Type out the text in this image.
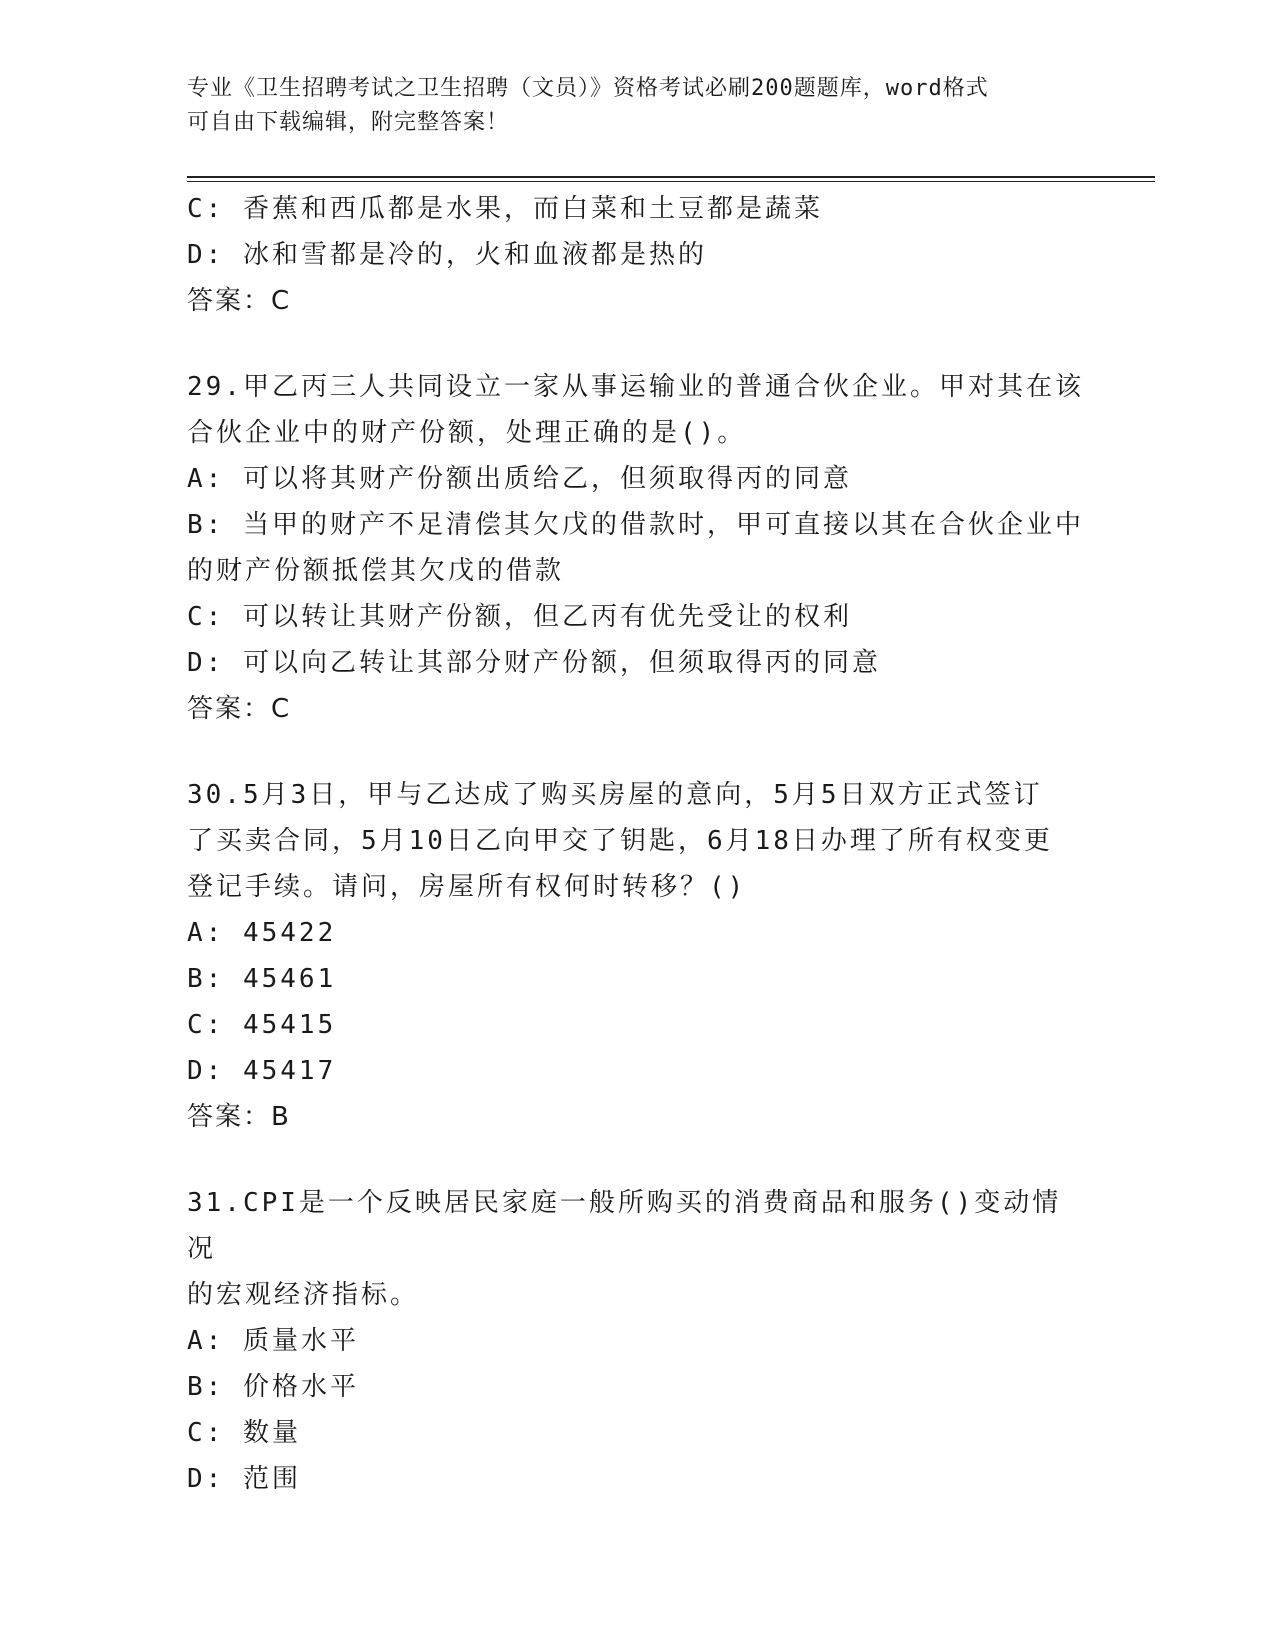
专业《卫生招聘考试之卫生招聘（文员）》资格考试必刷200题题库，word格式
可自由下载编辑，附完整答案！
C: 香蕉和西瓜都是水果，而白菜和土豆都是蔬菜
D: 冰和雪都是冷的，火和血液都是热的
答案：C
29.甲乙丙三人共同设立一家从事运输业的普通合伙企业。甲对其在该
合伙企业中的财产份额，处理正确的是()。
A: 可以将其财产份额出质给乙，但须取得丙的同意
B: 当甲的财产不足清偿其欠戊的借款时，甲可直接以其在合伙企业中
的财产份额抵偿其欠戊的借款
C: 可以转让其财产份额，但乙丙有优先受让的权利
D: 可以向乙转让其部分财产份额，但须取得丙的同意
答案：C
30.5月3日，甲与乙达成了购买房屋的意向，5月5日双方正式签订
了买卖合同，5月10日乙向甲交了钥匙，6月18日办理了所有权变更
登记手续。请问，房屋所有权何时转移？()
A: 45422
B: 45461
C: 45415
D: 45417
答案：B
31.CPI是一个反映居民家庭一般所购买的消费商品和服务()变动情况
的宏观经济指标。
A: 质量水平
B: 价格水平
C: 数量
D: 范围
